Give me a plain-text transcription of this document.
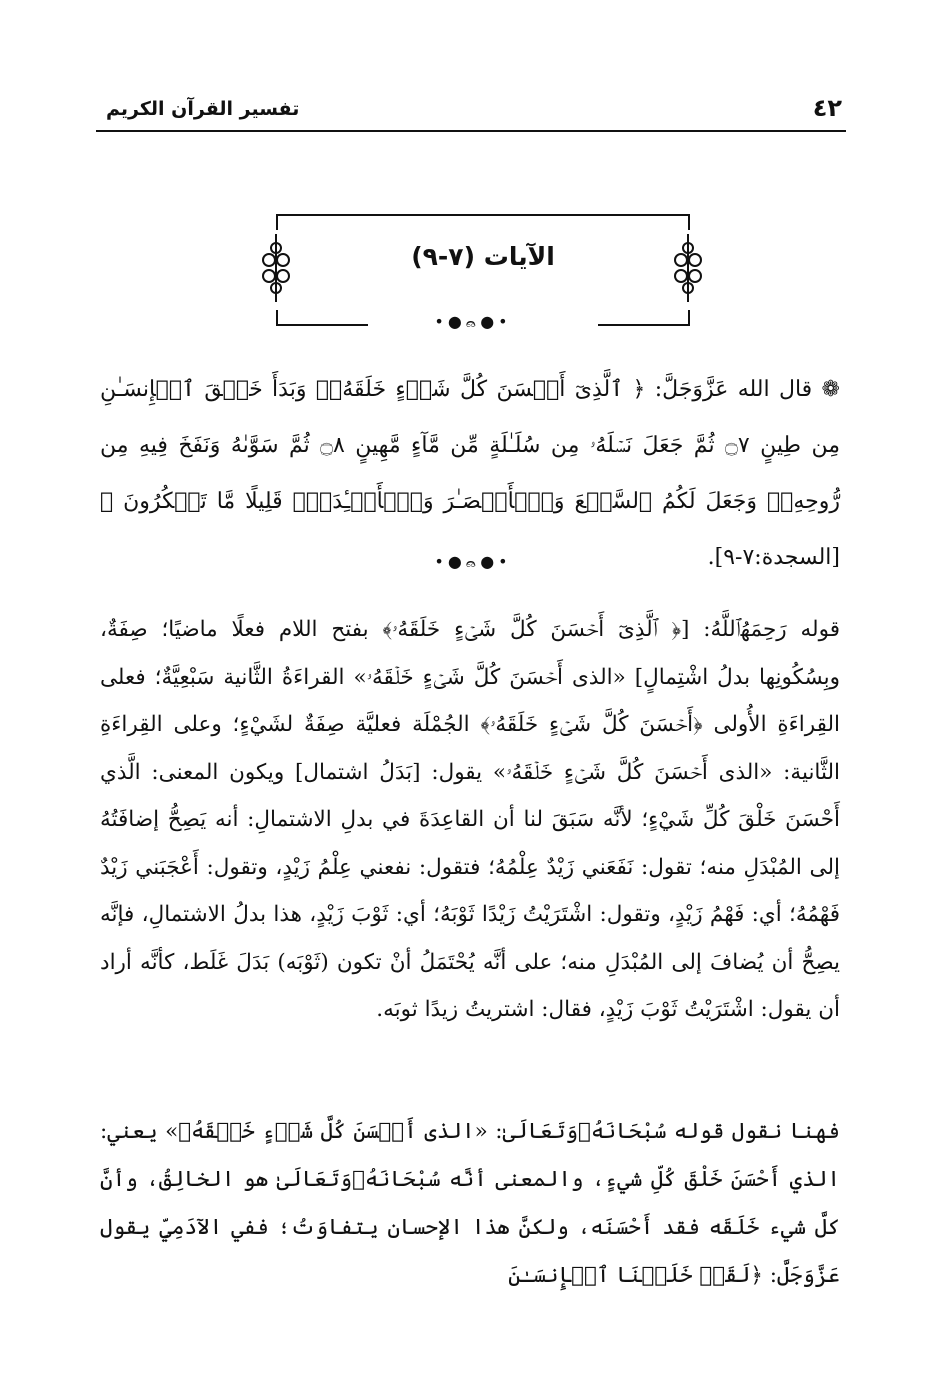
تفسير القرآن الكريم	٤٢
الآيات (٧-٩)
•●෬●•
❁ قال الله عَزَّوَجَلَّ: ﴿ ٱلَّذِىٓ أَحۡسَنَ كُلَّ شَىۡءٍ خَلَقَهُۥۖ وَبَدَأَ خَلۡقَ ٱلۡإِنسَـٰنِ مِن طِينٍ ۝٧ ثُمَّ جَعَلَ نَسۡلَهُۥ مِن سُلَـٰلَةٍ مِّن مَّآءٍ مَّهِينٍ ۝٨ ثُمَّ سَوَّىٰهُ وَنَفَخَ فِيهِ مِن رُّوحِهِۦۖ وَجَعَلَ لَكُمُ ٱلسَّمۡعَ وَٱلۡأَبۡصَـٰرَ وَٱلۡأَفۡـِٔدَةَۚ قَلِيلًا مَّا تَشۡكُرُونَ ﴾ [السجدة:٧-٩].
•●෬●•
قوله رَحِمَهُٱللَّهُ: [﴿ ٱلَّذِىٓ أَحۡسَنَ كُلَّ شَىۡءٍ خَلَقَهُۥ﴾ بفتح اللام فعلًا ماضيًا؛ صِفَةٌ، وبِسُكُونِها بدلُ اشْتِمالٍ] «الذى أَحۡسَنَ كُلَّ شَىۡءٍ خَلۡقَهُۥ» القراءَةُ الثَّانية سَبْعِيَّةٌ؛ فعلى القِراءَةِ الأُولى ﴿أَحۡسَنَ كُلَّ شَىۡءٍ خَلَقَهُۥ﴾ الجُمْلَة فعليَّة صِفَةٌ لشَيْءٍ؛ وعلى القِراءَةِ الثَّانية: «الذى أَحۡسَنَ كُلَّ شَىۡءٍ خَلۡقَهُۥ» يقول: [بَدَلُ اشتمال] ويكون المعنى: الَّذي أَحْسَنَ خَلْقَ كُلِّ شَيْءٍ؛ لأنَّه سَبَقَ لنا أن القاعِدَةَ في بدلِ الاشتمالِ: أنه يَصِحُّ إضافَتُهُ إلى المُبْدَلِ منه؛ تقول: نَفَعَني زَيْدٌ عِلْمُهُ؛ فتقول: نفعني عِلْمُ زَيْدٍ، وتقول: أَعْجَبَني زَيْدٌ فَهْمُهُ؛ أي: فَهْمُ زَيْدٍ، وتقول: اشْتَرَيْتُ زَيْدًا ثَوْبَهُ؛ أي: ثَوْبَ زَيْدٍ، هذا بدلُ الاشتمالِ، فإنَّه يصِحُّ أن يُضافَ إلى المُبْدَلِ منه؛ على أنَّه يُحْتَمَلُ أنْ تكون (ثَوْبَه) بَدَلَ غَلَط، كأنَّه أراد أن يقول: اشْتَرَيْتُ ثَوْبَ زَيْدٍ، فقال: اشتريتُ زيدًا ثوبَه.
فهنا نقول قوله سُبْحَانَهُۥوَتَعَالَىٰ: «الذى أَحۡسَنَ كُلَّ شَىۡءٍ خَلۡقَهُۥ» يعني: الذي أَحْسَنَ خَلْقَ كُلِّ شيءٍ، والمعنى أنَّه سُبْحَانَهُۥوَتَعَالَىٰ هو الخالِقُ، وأنَّ كلَّ شيء خَلَقَه فقد أَحْسَنَه، ولكنَّ هذا الإحسان يتفاوَتُ؛ ففي الآدَمِيِّ يقول عَزَّوَجَلَّ: ﴿لَقَدۡ خَلَقۡنَا ٱلۡإِنسَـٰنَ
